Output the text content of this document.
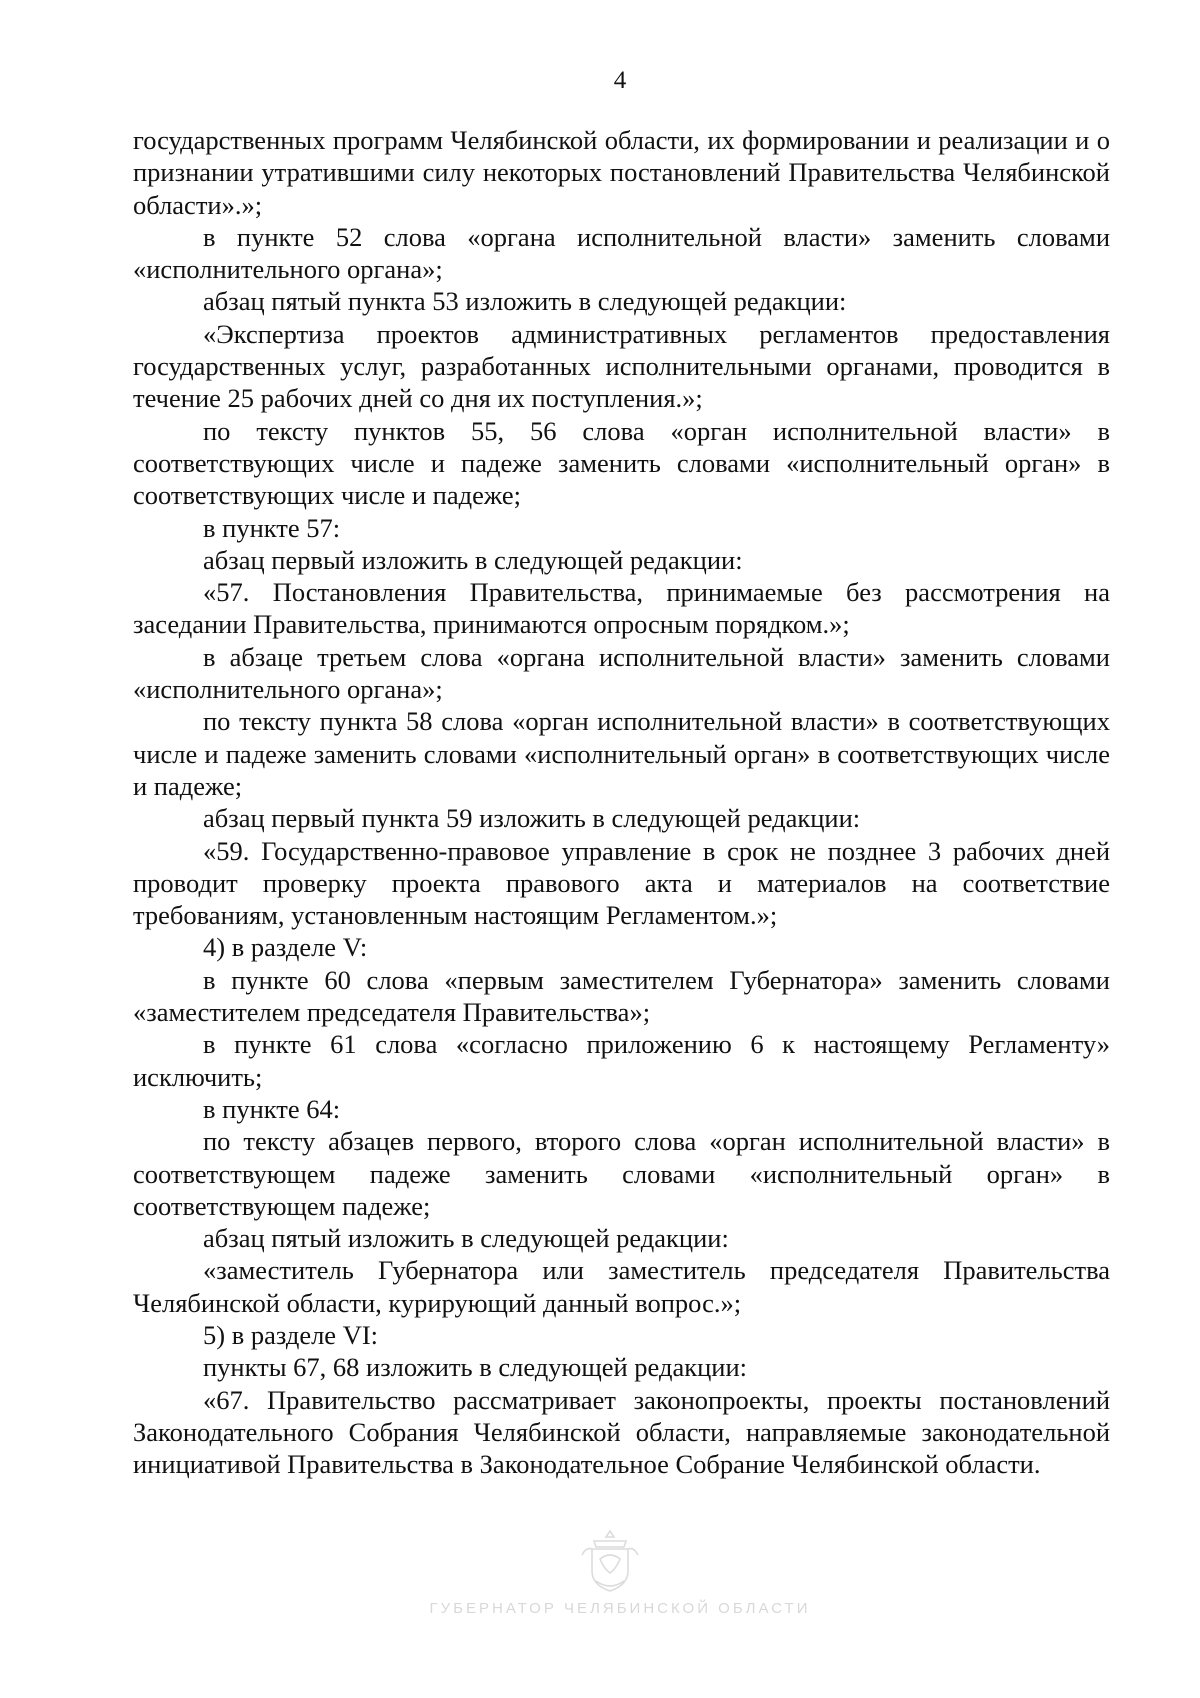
4

государственных программ Челябинской области, их формировании и реализации и о признании утратившими силу некоторых постановлений Правительства Челябинской области».»;

в пункте 52 слова «органа исполнительной власти» заменить словами «исполнительного органа»;

абзац пятый пункта 53 изложить в следующей редакции:

«Экспертиза проектов административных регламентов предоставления государственных услуг, разработанных исполнительными органами, проводится в течение 25 рабочих дней со дня их поступления.»;

по тексту пунктов 55, 56 слова «орган исполнительной власти» в соответствующих числе и падеже заменить словами «исполнительный орган» в соответствующих числе и падеже;

в пункте 57:

абзац первый изложить в следующей редакции:

«57. Постановления Правительства, принимаемые без рассмотрения на заседании Правительства, принимаются опросным порядком.»;

в абзаце третьем слова «органа исполнительной власти» заменить словами «исполнительного органа»;

по тексту пункта 58 слова «орган исполнительной власти» в соответствующих числе и падеже заменить словами «исполнительный орган» в соответствующих числе и падеже;

абзац первый пункта 59 изложить в следующей редакции:

«59. Государственно-правовое управление в срок не позднее 3 рабочих дней проводит проверку проекта правового акта и материалов на соответствие требованиям, установленным настоящим Регламентом.»;

4) в разделе V:

в пункте 60 слова «первым заместителем Губернатора» заменить словами «заместителем председателя Правительства»;

в пункте 61 слова «согласно приложению 6 к настоящему Регламенту» исключить;

в пункте 64:

по тексту абзацев первого, второго слова «орган исполнительной власти» в соответствующем падеже заменить словами «исполнительный орган» в соответствующем падеже;

абзац пятый изложить в следующей редакции:

«заместитель Губернатора или заместитель председателя Правительства Челябинской области, курирующий данный вопрос.»;

5) в разделе VI:

пункты 67, 68 изложить в следующей редакции:

«67. Правительство рассматривает законопроекты, проекты постановлений Законодательного Собрания Челябинской области, направляемые законодательной инициативой Правительства в Законодательное Собрание Челябинской области.

ГУБЕРНАТОР ЧЕЛЯБИНСКОЙ ОБЛАСТИ
